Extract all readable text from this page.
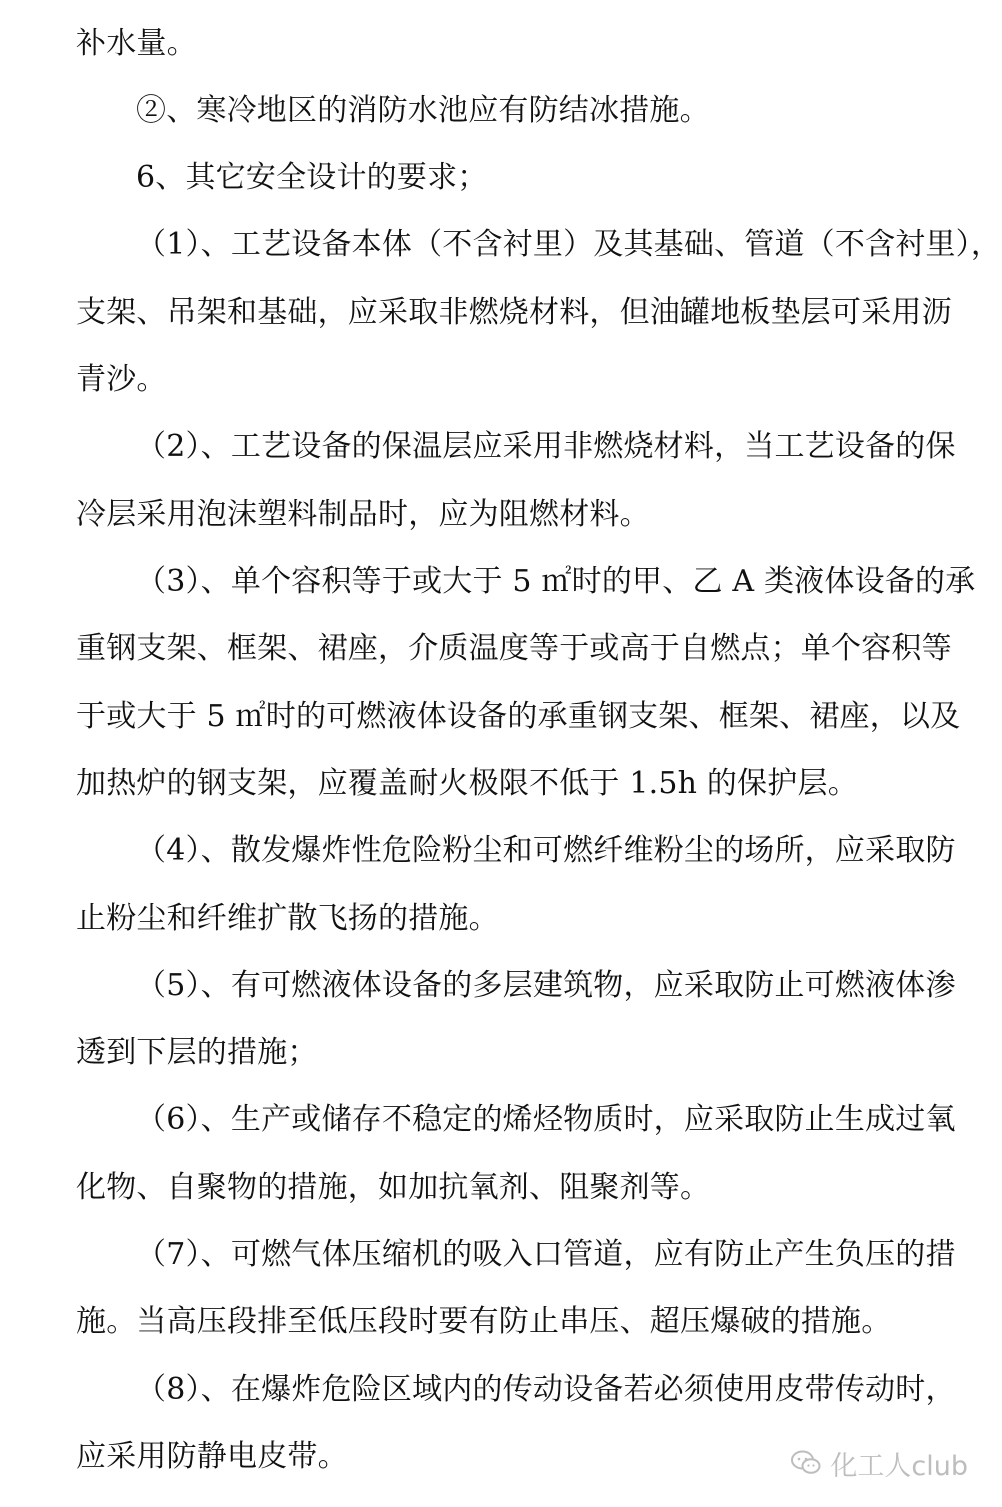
补水量。
②、寒冷地区的消防水池应有防结冰措施。
6、其它安全设计的要求；
（1）、工艺设备本体（不含衬里）及其基础、管道（不含衬里），
支架、吊架和基础，应采取非燃烧材料，但油罐地板垫层可采用沥
青沙。
（2）、工艺设备的保温层应采用非燃烧材料，当工艺设备的保
冷层采用泡沫塑料制品时，应为阻燃材料。
（3）、单个容积等于或大于 5 ㎡时的甲、乙 A 类液体设备的承
重钢支架、框架、裙座，介质温度等于或高于自燃点；单个容积等
于或大于 5 ㎡时的可燃液体设备的承重钢支架、框架、裙座，以及
加热炉的钢支架，应覆盖耐火极限不低于 1.5h 的保护层。
（4）、散发爆炸性危险粉尘和可燃纤维粉尘的场所，应采取防
止粉尘和纤维扩散飞扬的措施。
（5）、有可燃液体设备的多层建筑物，应采取防止可燃液体渗
透到下层的措施；
（6）、生产或储存不稳定的烯烃物质时，应采取防止生成过氧
化物、自聚物的措施，如加抗氧剂、阻聚剂等。
（7）、可燃气体压缩机的吸入口管道，应有防止产生负压的措
施。当高压段排至低压段时要有防止串压、超压爆破的措施。
（8）、在爆炸危险区域内的传动设备若必须使用皮带传动时，
应采用防静电皮带。	化工人club
